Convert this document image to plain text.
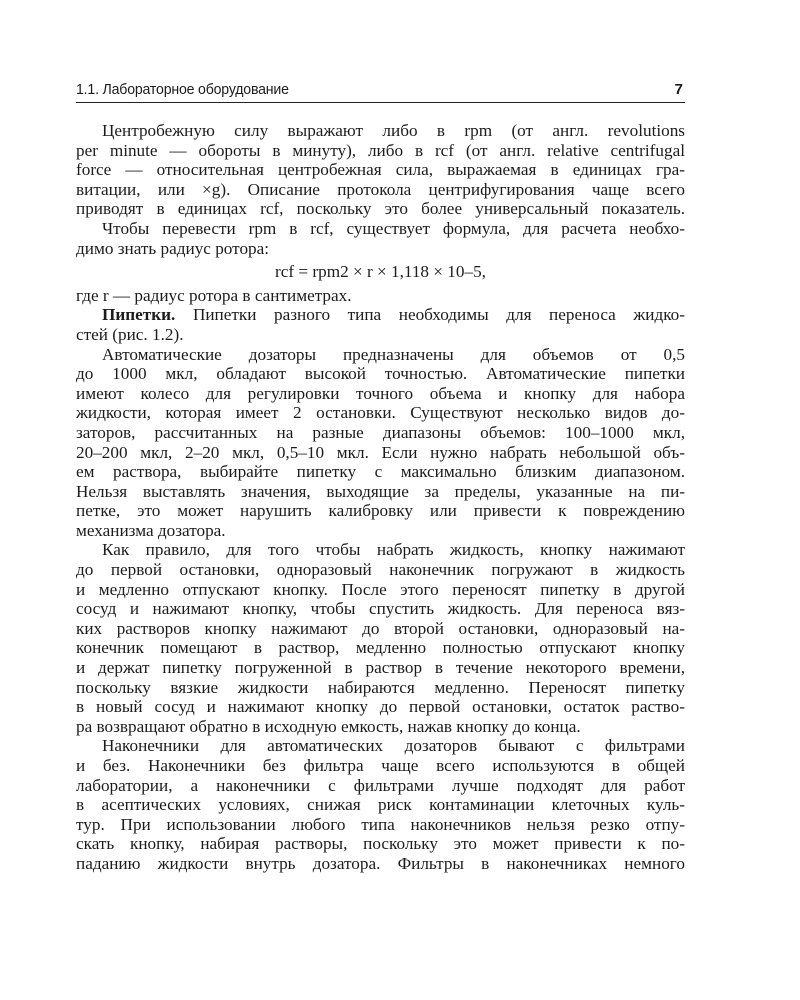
1.1. Лабораторное оборудование	7

Центробежную силу выражают либо в rpm (от англ. revolutions

per minute — обороты в минуту), либо в rcf (от англ. relative centrifugal

force — относительная центробежная сила, выражаемая в единицах гра-

витации, или ×g). Описание протокола центрифугирования чаще всего

приводят в единицах rcf, поскольку это более универсальный показатель.

Чтобы перевести rpm в rcf, существует формула, для расчета необхо-

димо знать радиус ротора:

rcf = rpm2 × r × 1,118 × 10–5,

где r — радиус ротора в сантиметрах.

Пипетки. Пипетки разного типа необходимы для переноса жидко-

стей (рис. 1.2).

Автоматические дозаторы предназначены для объемов от 0,5

до 1000 мкл, обладают высокой точностью. Автоматические пипетки

имеют колесо для регулировки точного объема и кнопку для набора

жидкости, которая имеет 2 остановки. Существуют несколько видов до-

заторов, рассчитанных на разные диапазоны объемов: 100–1000 мкл,

20–200 мкл, 2–20 мкл, 0,5–10 мкл. Если нужно набрать небольшой объ-

ем раствора, выбирайте пипетку с максимально близким диапазоном.

Нельзя выставлять значения, выходящие за пределы, указанные на пи-

петке, это может нарушить калибровку или привести к повреждению

механизма дозатора.

Как правило, для того чтобы набрать жидкость, кнопку нажимают

до первой остановки, одноразовый наконечник погружают в жидкость

и медленно отпускают кнопку. После этого переносят пипетку в другой

сосуд и нажимают кнопку, чтобы спустить жидкость. Для переноса вяз-

ких растворов кнопку нажимают до второй остановки, одноразовый на-

конечник помещают в раствор, медленно полностью отпускают кнопку

и держат пипетку погруженной в раствор в течение некоторого времени,

поскольку вязкие жидкости набираются медленно. Переносят пипетку

в новый сосуд и нажимают кнопку до первой остановки, остаток раство-

ра возвращают обратно в исходную емкость, нажав кнопку до конца.

Наконечники для автоматических дозаторов бывают с фильтрами

и без. Наконечники без фильтра чаще всего используются в общей

лаборатории, а наконечники с фильтрами лучше подходят для работ

в асептических условиях, снижая риск контаминации клеточных куль-

тур. При использовании любого типа наконечников нельзя резко отпу-

скать кнопку, набирая растворы, поскольку это может привести к по-

паданию жидкости внутрь дозатора. Фильтры в наконечниках немного
